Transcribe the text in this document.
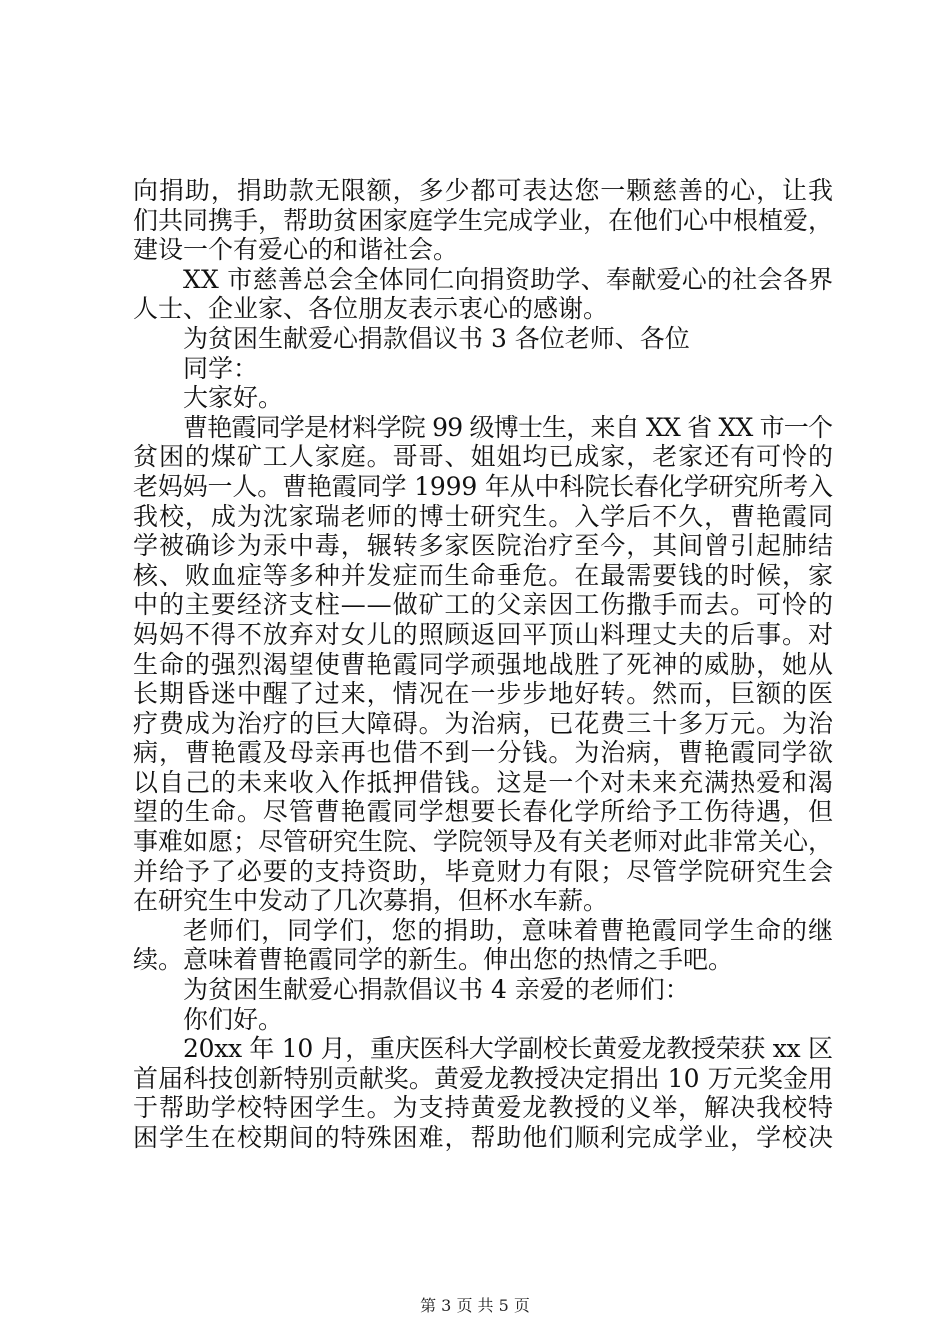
向捐助，捐助款无限额，多少都可表达您一颗慈善的心，让我
们共同携手，帮助贫困家庭学生完成学业，在他们心中根植爱，
建设一个有爱心的和谐社会。
XX 市慈善总会全体同仁向捐资助学、奉献爱心的社会各界
人士、企业家、各位朋友表示衷心的感谢。
为贫困生献爱心捐款倡议书 3 各位老师、各位
同学：
大家好。
曹艳霞同学是材料学院 99 级博士生，来自 XX 省 XX 市一个
贫困的煤矿工人家庭。哥哥、姐姐均已成家，老家还有可怜的
老妈妈一人。曹艳霞同学 1999 年从中科院长春化学研究所考入
我校，成为沈家瑞老师的博士研究生。入学后不久，曹艳霞同
学被确诊为汞中毒，辗转多家医院治疗至今，其间曾引起肺结
核、败血症等多种并发症而生命垂危。在最需要钱的时候，家
中的主要经济支柱——做矿工的父亲因工伤撒手而去。可怜的
妈妈不得不放弃对女儿的照顾返回平顶山料理丈夫的后事。对
生命的强烈渴望使曹艳霞同学顽强地战胜了死神的威胁，她从
长期昏迷中醒了过来，情况在一步步地好转。然而，巨额的医
疗费成为治疗的巨大障碍。为治病，已花费三十多万元。为治
病，曹艳霞及母亲再也借不到一分钱。为治病，曹艳霞同学欲
以自己的未来收入作抵押借钱。这是一个对未来充满热爱和渴
望的生命。尽管曹艳霞同学想要长春化学所给予工伤待遇，但
事难如愿；尽管研究生院、学院领导及有关老师对此非常关心，
并给予了必要的支持资助，毕竟财力有限；尽管学院研究生会
在研究生中发动了几次募捐，但杯水车薪。
老师们，同学们，您的捐助，意味着曹艳霞同学生命的继
续。意味着曹艳霞同学的新生。伸出您的热情之手吧。
为贫困生献爱心捐款倡议书 4 亲爱的老师们：
你们好。
20xx 年 10 月，重庆医科大学副校长黄爱龙教授荣获 xx 区
首届科技创新特别贡献奖。黄爱龙教授决定捐出 10 万元奖金用
于帮助学校特困学生。为支持黄爱龙教授的义举，解决我校特
困学生在校期间的特殊困难，帮助他们顺利完成学业，学校决
第 3 页 共 5 页
